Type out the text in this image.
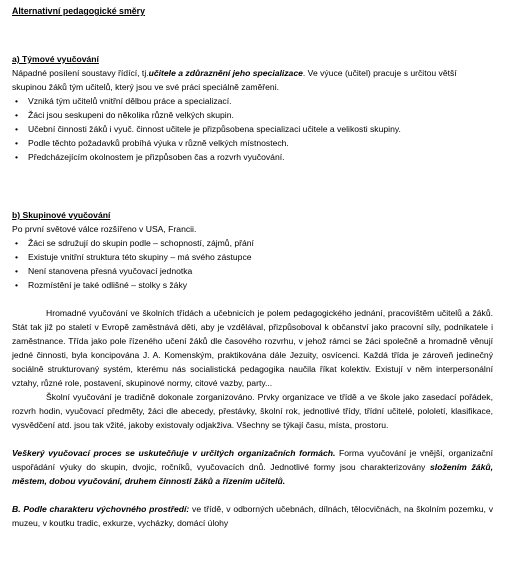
Alternativní pedagogické směry
a) Týmové vyučování

Nápadné posílení soustavy řídící, tj.učitele a zdůraznění jeho specializace. Ve výuce (učitel) pracuje s určitou větší skupinou žáků tým učitelů, který jsou ve své práci speciálně zaměřeni.

• Vzniká tým učitelů vnitřní dělbou práce a specializací.
• Žáci jsou seskupeni do několika různě velkých skupin.
• Učební činnosti žáků i vyuč. činnost učitele je přizpůsobena specializaci učitele a velikosti skupiny.
• Podle těchto požadavků probíhá výuka v různě velkých místnostech.
• Předcházejícím okolnostem je přizpůsoben čas a rozvrh vyučování.
b) Skupinové vyučování

Po první světové válce rozšířeno v USA, Francii.

• Žáci se sdružují do skupin podle – schopností, zájmů, přání
• Existuje vnitřní struktura této skupiny – má svého zástupce
• Není stanovena přesná vyučovací jednotka
• Rozmístění je také odlišné – stolky s žáky

Hromadné vyučování ve školních třídách a učebnicích je polem pedagogického jednání, pracovištěm učitelů a žáků. Stát tak již po staletí v Evropě zaměstnává děti, aby je vzdělával, přizpůsoboval k občanství jako pracovní síly, podnikatele i zaměstnance. Třída jako pole řízeného učení žáků dle časového rozvrhu, v jehož rámci se žáci společně a hromadně věnují jedné činnosti, byla koncipována J. A. Komenským, praktikována dále Jezuity, osvícenci. Každá třída je zároveň jedinečný sociálně strukturovaný systém, kterému nás socialistická pedagogika naučila říkat kolektiv. Existují v něm interpersonální vztahy, různé role, postavení, skupinové normy, citové vazby, party...

Školní vyučování je tradičně dokonale zorganizováno. Prvky organizace ve třídě a ve škole jako zasedací pořádek, rozvrh hodin, vyučovací předměty, žáci dle abecedy, přestávky, školní rok, jednotlivé třídy, třídní učitelé, pololetí, klasifikace, vysvědčení atd. jsou tak vžité, jakoby existovaly odjakživa. Všechny se týkají času, místa, prostoru.

Veškerý vyučovací proces se uskutečňuje v určitých organizačních formách. Forma vyučování je vnější, organizační uspořádání výuky do skupin, dvojic, ročníků, vyučovacích dnů. Jednotlivé formy jsou charakterizovány složením žáků, městem, dobou vyučování, druhem činnosti žáků a řízením učitelů.

B. Podle charakteru výchovného prostředí: ve třídě, v odborných učebnách, dílnách, tělocvičnách, na školním pozemku, v muzeu, v koutku tradic, exkurze, vycházky, domácí úlohy
